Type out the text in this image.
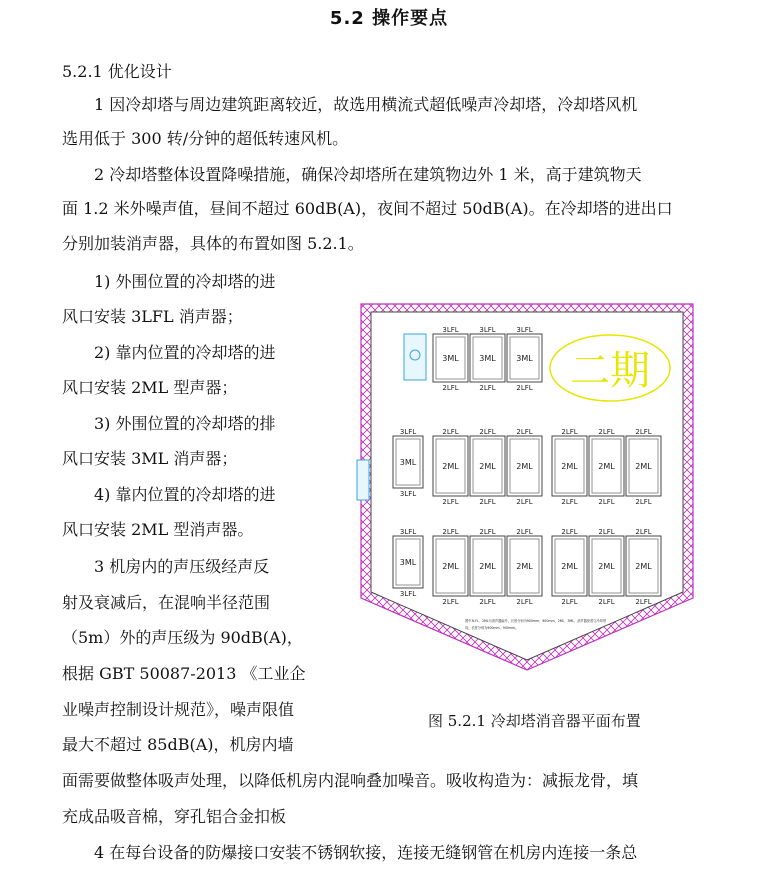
5.2 操作要点
5.2.1 优化设计
1 因冷却塔与周边建筑距离较近，故选用横流式超低噪声冷却塔，冷却塔风机
选用低于 300 转/分钟的超低转速风机。
2 冷却塔整体设置降噪措施，确保冷却塔所在建筑物边外 1 米，高于建筑物天
面 1.2 米外噪声值，昼间不超过 60dB(A)，夜间不超过 50dB(A)。在冷却塔的进出口
分别加装消声器，具体的布置如图 5.2.1。
1) 外围位置的冷却塔的进
风口安装 3LFL 消声器；
2) 靠内位置的冷却塔的进
风口安装 2ML 型声器；
3) 外围位置的冷却塔的排
风口安装 3ML 消声器；
4) 靠内位置的冷却塔的进
风口安装 2ML 型消声器。
3 机房内的声压级经声反
射及衰减后，在混响半径范围
（5m）外的声压级为 90dB(A)，
根据 GBT 50087-2013 《工业企
业噪声控制设计规范》，噪声限值
最大不超过 85dB(A)，机房内墙
面需要做整体吸声处理，以降低机房内混响叠加噪音。吸收构造为：减振龙骨，填
充成品吸音棉，穿孔铝合金扣板
4 在每台设备的防爆接口安装不锈钢软接，连接无缝钢管在机房内连接一条总
二期
3LFL
3ML
2LFL
3LFL
3ML
2LFL
3LFL
3ML
2LFL
3LFL
3ML
3LFL
2LFL
2ML
2LFL
2LFL
2ML
2LFL
2LFL
2ML
2LFL
2LFL
2ML
2LFL
2LFL
2ML
2LFL
2LFL
2ML
2LFL
3LFL
3ML
3LFL
2LFL
2ML
2LFL
2LFL
2ML
2LFL
2LFL
2ML
2LFL
2LFL
2ML
2LFL
2LFL
2ML
2LFL
2LFL
2ML
2LFL
图中3LFL、2ML为消声器编号，长度分别为900mm、900mm、2ML、3ML，消声器宽度与冷却塔
同，长度分别为900mm、900mm。
图 5.2.1 冷却塔消音器平面布置
